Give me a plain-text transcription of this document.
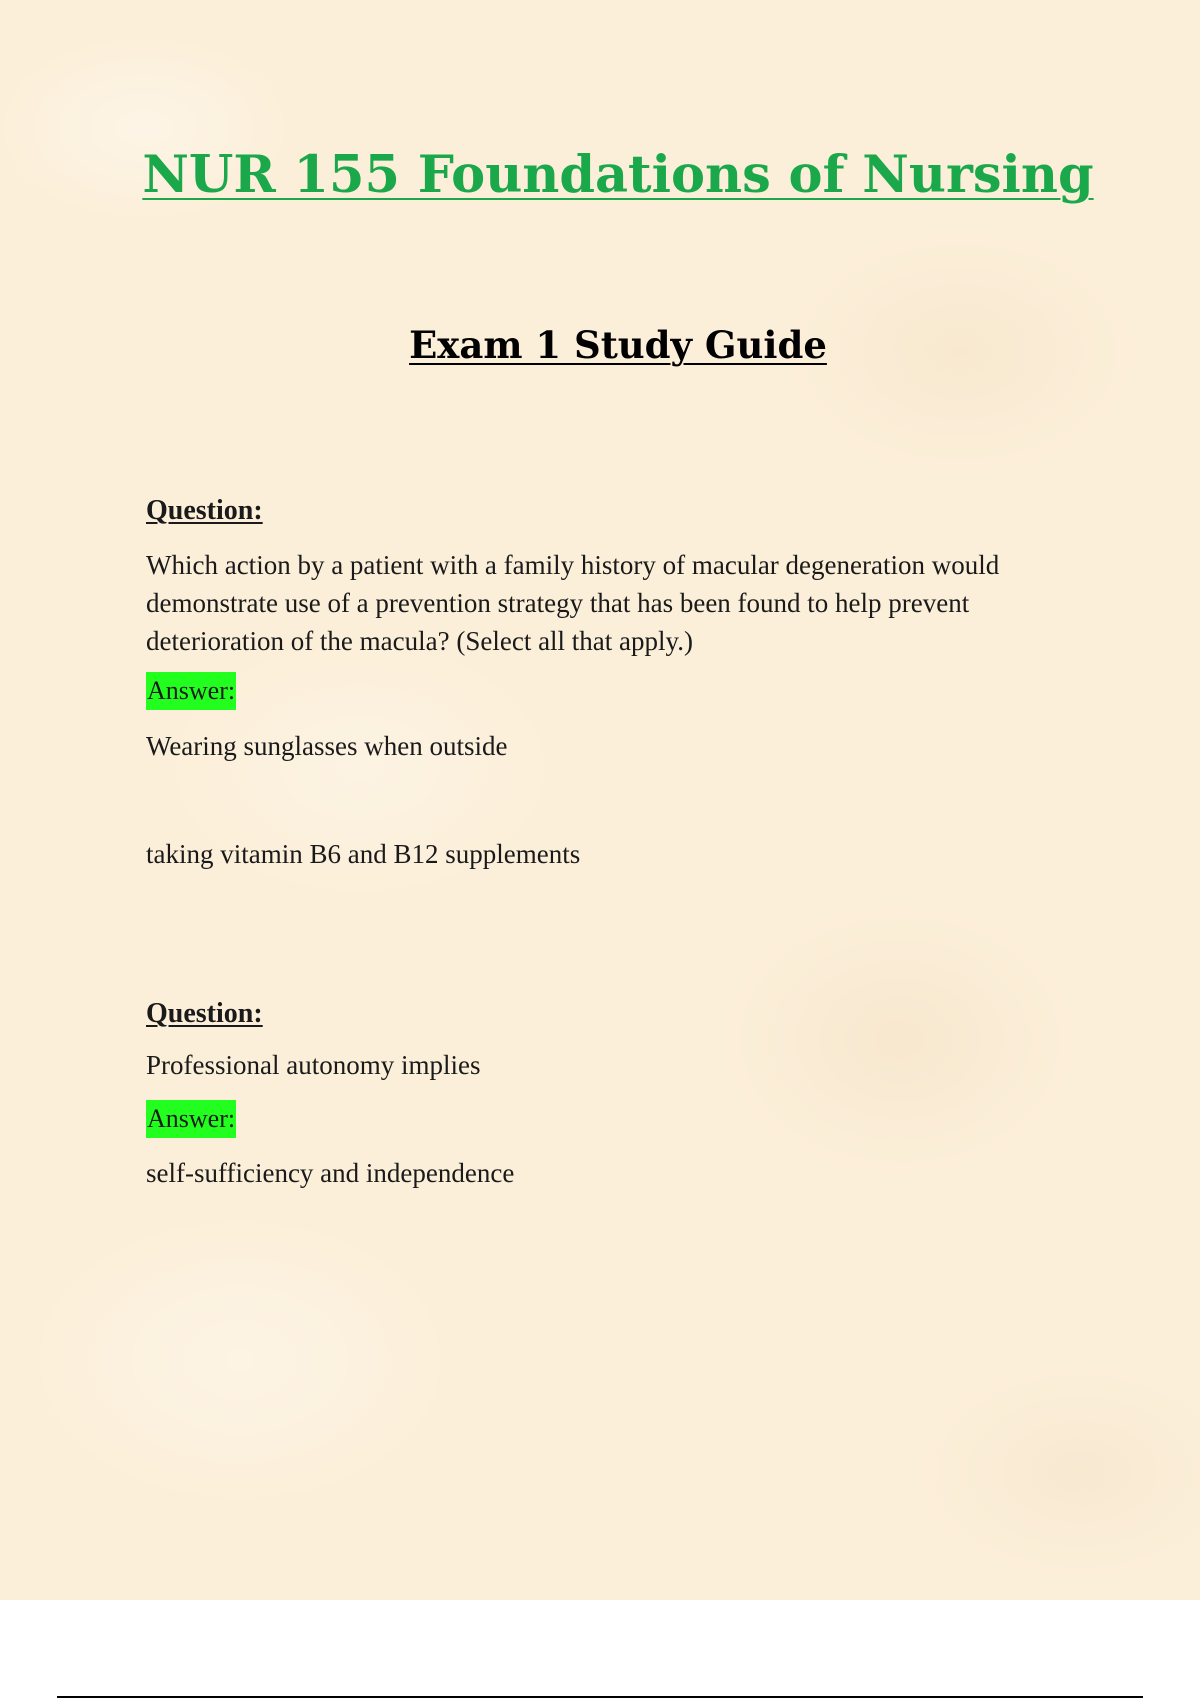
NUR 155 Foundations of Nursing
Exam 1 Study Guide
Question:

Which action by a patient with a family history of macular degeneration would demonstrate use of a prevention strategy that has been found to help prevent deterioration of the macula? (Select all that apply.)

Answer:

Wearing sunglasses when outside

taking vitamin B6 and B12 supplements

Question:

Professional autonomy implies

Answer:

self-sufficiency and independence
